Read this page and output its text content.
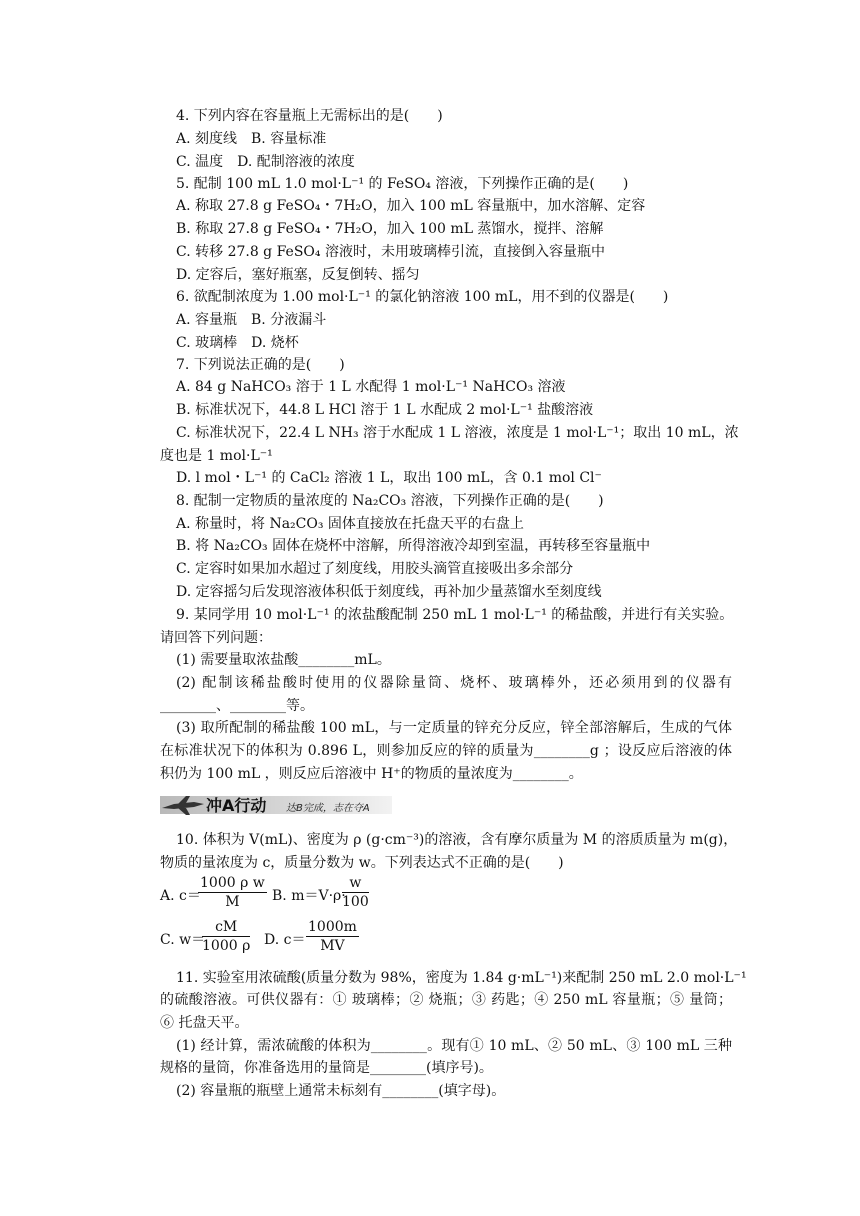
4. 下列内容在容量瓶上无需标出的是(　　)
A. 刻度线　B. 容量标准
C. 温度　D. 配制溶液的浓度
5. 配制 100 mL 1.0 mol·L⁻¹ 的 FeSO₄ 溶液，下列操作正确的是(　　)
A. 称取 27.8 g FeSO₄・7H₂O，加入 100 mL 容量瓶中，加水溶解、定容
B. 称取 27.8 g FeSO₄・7H₂O，加入 100 mL 蒸馏水，搅拌、溶解
C. 转移 27.8 g FeSO₄ 溶液时，未用玻璃棒引流，直接倒入容量瓶中
D. 定容后，塞好瓶塞，反复倒转、摇匀
6. 欲配制浓度为 1.00 mol·L⁻¹ 的氯化钠溶液 100 mL，用不到的仪器是(　　)
A. 容量瓶　B. 分液漏斗
C. 玻璃棒　D. 烧杯
7. 下列说法正确的是(　　)
A. 84 g NaHCO₃ 溶于 1 L 水配得 1 mol·L⁻¹ NaHCO₃ 溶液
B. 标准状况下，44.8 L HCl 溶于 1 L 水配成 2 mol·L⁻¹ 盐酸溶液
C. 标准状况下，22.4 L NH₃ 溶于水配成 1 L 溶液，浓度是 1 mol·L⁻¹；取出 10 mL，浓
度也是 1 mol·L⁻¹
D. l mol・L⁻¹ 的 CaCl₂ 溶液 1 L，取出 100 mL，含 0.1 mol Cl⁻
8. 配制一定物质的量浓度的 Na₂CO₃ 溶液，下列操作正确的是(　　)
A. 称量时，将 Na₂CO₃ 固体直接放在托盘天平的右盘上
B. 将 Na₂CO₃ 固体在烧杯中溶解，所得溶液冷却到室温，再转移至容量瓶中
C. 定容时如果加水超过了刻度线，用胶头滴管直接吸出多余部分
D. 定容摇匀后发现溶液体积低于刻度线，再补加少量蒸馏水至刻度线
9. 某同学用 10 mol·L⁻¹ 的浓盐酸配制 250 mL 1 mol·L⁻¹ 的稀盐酸，并进行有关实验。
请回答下列问题：
(1) 需要量取浓盐酸________mL。
(2) 配制该稀盐酸时使用的仪器除量筒、烧杯、玻璃棒外，还必须用到的仪器有
________、________等。
(3) 取所配制的稀盐酸 100 mL，与一定质量的锌充分反应，锌全部溶解后，生成的气体
在标准状况下的体积为 0.896 L，则参加反应的锌的质量为________g ；设反应后溶液的体
积仍为 100 mL ，则反应后溶液中 H⁺的物质的量浓度为________。
冲A行动 达B完成，志在夺A
10. 体积为 V(mL)、密度为 ρ (g·cm⁻³)的溶液，含有摩尔质量为 M 的溶质质量为 m(g)，
物质的量浓度为 c，质量分数为 w。下列表达式不正确的是(　　)
A. c＝
$\frac{\text{1000 ρ w}}{M} B$. m＝V·ρ·
$\frac{w}{100}$
C. w＝
$\frac{cM}{1000 \rho} D$. $c= \frac{1000m}{MV}$
11. 实验室用浓硫酸(质量分数为 98%，密度为 1.84 g·mL⁻¹)来配制 250 mL 2.0 mol·L⁻¹
的硫酸溶液。可供仪器有：① 玻璃棒；② 烧瓶；③ 药匙；④ 250 mL 容量瓶；⑤ 量筒；
⑥ 托盘天平。
(1) 经计算，需浓硫酸的体积为________。现有① 10 mL、② 50 mL、③ 100 mL 三种
规格的量筒，你准备选用的量筒是________(填序号)。
(2) 容量瓶的瓶壁上通常未标刻有________(填字母)。
